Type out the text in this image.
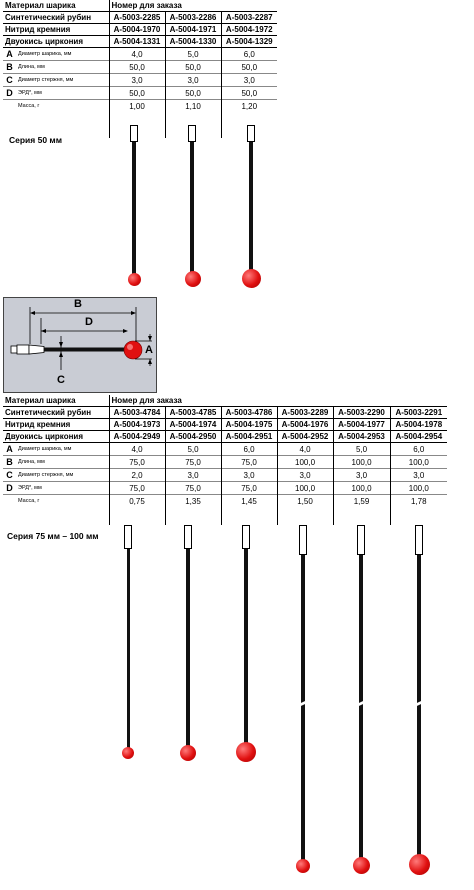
Материал шарика		Номер для заказа		
Синтетический рубин		A-5003-2285	A-5003-2286	A-5003-2287
Нитрид кремния		A-5004-1970	A-5004-1971	A-5004-1972
Двуокись циркония		A-5004-1331	A-5004-1330	A-5004-1329
A	Диаметр шарика, мм	4,0	5,0	6,0
B	Длина, мм	50,0	50,0	50,0
C	Диаметр стержня, мм	3,0	3,0	3,0
D	ЭРД*, мм	50,0	50,0	50,0
	Масса, г	1,00	1,10	1,20

Серия 50 мм
B
D
A
C
Материал шарика		Номер для заказа					
Синтетический рубин		A-5003-4784	A-5003-4785	A-5003-4786	A-5003-2289	A-5003-2290	A-5003-2291
Нитрид кремния		A-5004-1973	A-5004-1974	A-5004-1975	A-5004-1976	A-5004-1977	A-5004-1978
Двуокись циркония		A-5004-2949	A-5004-2950	A-5004-2951	A-5004-2952	A-5004-2953	A-5004-2954
A	Диаметр шарика, мм	4,0	5,0	6,0	4,0	5,0	6,0
B	Длина, мм	75,0	75,0	75,0	100,0	100,0	100,0
C	Диаметр стержня, мм	2,0	3,0	3,0	3,0	3,0	3,0
D	ЭРД*, мм	75,0	75,0	75,0	100,0	100,0	100,0
	Масса, г	0,75	1,35	1,45	1,50	1,59	1,78

Серия 75 мм – 100 мм
